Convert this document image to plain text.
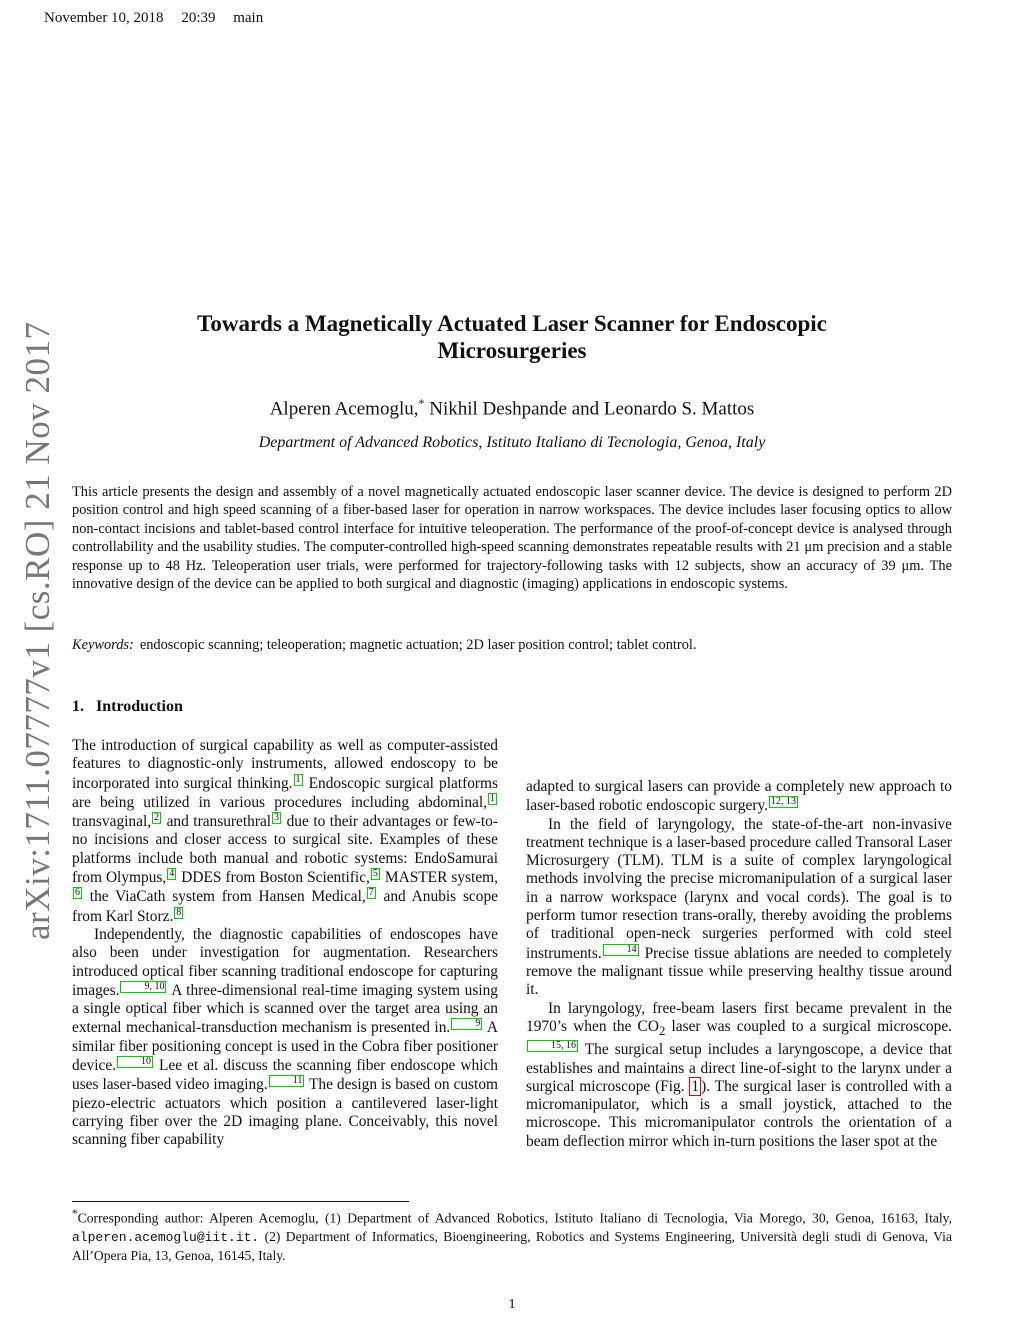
November 10, 2018 20:39 main
arXiv:1711.07777v1 [cs.RO] 21 Nov 2017	Towards a Magnetically Actuated Laser Scanner for Endoscopic
Microsurgeries
Alperen Acemoglu,* Nikhil Deshpande and Leonardo S. Mattos
Department of Advanced Robotics, Istituto Italiano di Tecnologia, Genoa, Italy

This article presents the design and assembly of a novel magnetically actuated endoscopic laser scanner device. The device is designed to perform 2D position control and high speed scanning of a fiber-based laser for operation in narrow workspaces. The device includes laser focusing optics to allow non-contact incisions and tablet-based control interface for intuitive teleoperation. The performance of the proof-of-concept device is analysed through controllability and the usability studies. The computer-controlled high-speed scanning demonstrates repeatable results with 21 μm precision and a stable response up to 48 Hz. Teleoperation user trials, were performed for trajectory-following tasks with 12 subjects, show an accuracy of 39 μm. The innovative design of the device can be applied to both surgical and diagnostic (imaging) applications in endoscopic systems.

Keywords: endoscopic scanning; teleoperation; magnetic actuation; 2D laser position control; tablet control.
1. Introduction

The introduction of surgical capability as well as computer-assisted features to diagnostic-only instruments, allowed endoscopy to be incorporated into surgical thinking. 1 Endoscopic surgical platforms are being utilized in various procedures including abdominal, 1 transvaginal, 2 and transurethral 3 due to their advantages or few-to-no incisions and closer access to surgical site. Examples of these platforms include both manual and robotic systems: EndoSamurai from Olympus, 4 DDES from Boston Scientific, 5 MASTER system,6 the ViaCath system from Hansen Medical, 7 and Anubis scope from Karl Storz. 8

Independently, the diagnostic capabilities of endoscopes have also been under investigation for augmentation. Researchers introduced optical fiber scanning traditional endoscope for capturing images.	9, 10 A three-dimensional real-time imaging system using a single optical fiber which is scanned over the target area using an external mechanical-transduction mechanism is presented in.	9 A similar fiber positioning concept is used in the Cobra fiber positioner device.	10 Lee et al. discuss the scanning fiber endoscope which uses laser-based video imaging.	11 The design is based on custom piezo-electric actuators which position a cantilevered laser-light carrying fiber over the 2D imaging plane. Conceivably, this novel scanning fiber capability

adapted to surgical lasers can provide a completely new approach to laser-based robotic endoscopic surgery. 12, 13

In the field of laryngology, the state-of-the-art non-invasive treatment technique is a laser-based procedure called Transoral Laser Microsurgery (TLM). TLM is a suite of complex laryngological methods involving the precise micromanipulation of a surgical laser in a narrow workspace (larynx and vocal cords). The goal is to perform tumor resection trans-orally, thereby avoiding the problems of traditional open-neck surgeries performed with cold steel instruments.	14 Precise tissue ablations are needed to completely remove the malignant tissue while preserving healthy tissue around it.

In laryngology, free-beam lasers first became prevalent in the 1970’s when the $CO_2$ laser was coupled to a surgical microscope.15, 16 The surgical setup includes a laryngoscope, a device that establishes and maintains a direct line-of-sight to the larynx under a surgical microscope (Fig. 1 ). The surgical laser is controlled with a micromanipulator, which is a small joystick, attached to the microscope. This micromanipulator controls the orientation of a beam deflection mirror which in-turn positions the laser spot at the

*Corresponding author: Alperen Acemoglu, (1) Department of Advanced Robotics, Istituto Italiano di Tecnologia, Via Morego, 30, Genoa, 16163, Italy, alperen.acemoglu@iit.it. (2) Department of Informatics, Bioengineering, Robotics and Systems Engineering, Università degli studi di Genova, Via All’Opera Pia, 13, Genoa, 16145, Italy.
1
